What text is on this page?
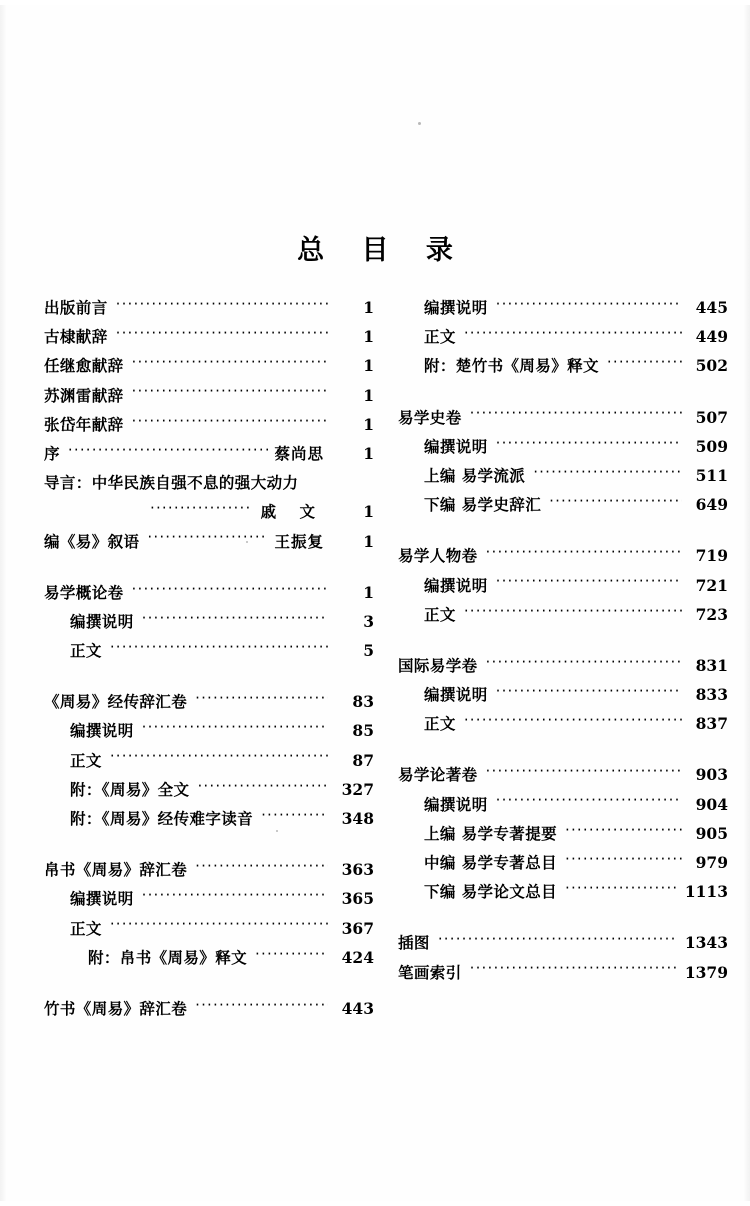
总 目 录
出版前言 ·····	1
古棣献辞 ·····	1
任继愈献辞 ·····	1
苏渊雷献辞 ·····	1
张岱年献辞 ·····	1
序 ·····	蔡尚思	1
导言：中华民族自强不息的强大动力
·····
戚 文	1
编《易》叙语 ·····	王振复	1
易学概论卷 ·····	1
编撰说明 ·····	3
正文 ·····	5
《周易》经传辞汇卷 ·····	83
编撰说明 ·····	85
正文 ·····	87
附：《周易》全文 ·····	327
附：《周易》经传难字读音 ·····	348
帛书《周易》辞汇卷 ·····	363
编撰说明 ·····	365
正文 ·····	367
附：帛书《周易》释文 ·····	424
竹书《周易》辞汇卷 ·····	443
编撰说明 ·····	445
正文 ·····	449
附：楚竹书《周易》释文 ·····	502
易学史卷 ·····	507
编撰说明 ·····	509
上编 易学流派 ·····	511
下编 易学史辞汇 ·····	649
易学人物卷 ·····	719
编撰说明 ·····	721
正文 ·····	723
国际易学卷 ·····	831
编撰说明 ·····	833
正文 ·····	837
易学论著卷 ·····	903
编撰说明 ·····	904
上编 易学专著提要 ·····	905
中编 易学专著总目 ·····	979
下编 易学论文总目 ·····	1113
插图 ·····	1343
笔画索引 ·····	1379
